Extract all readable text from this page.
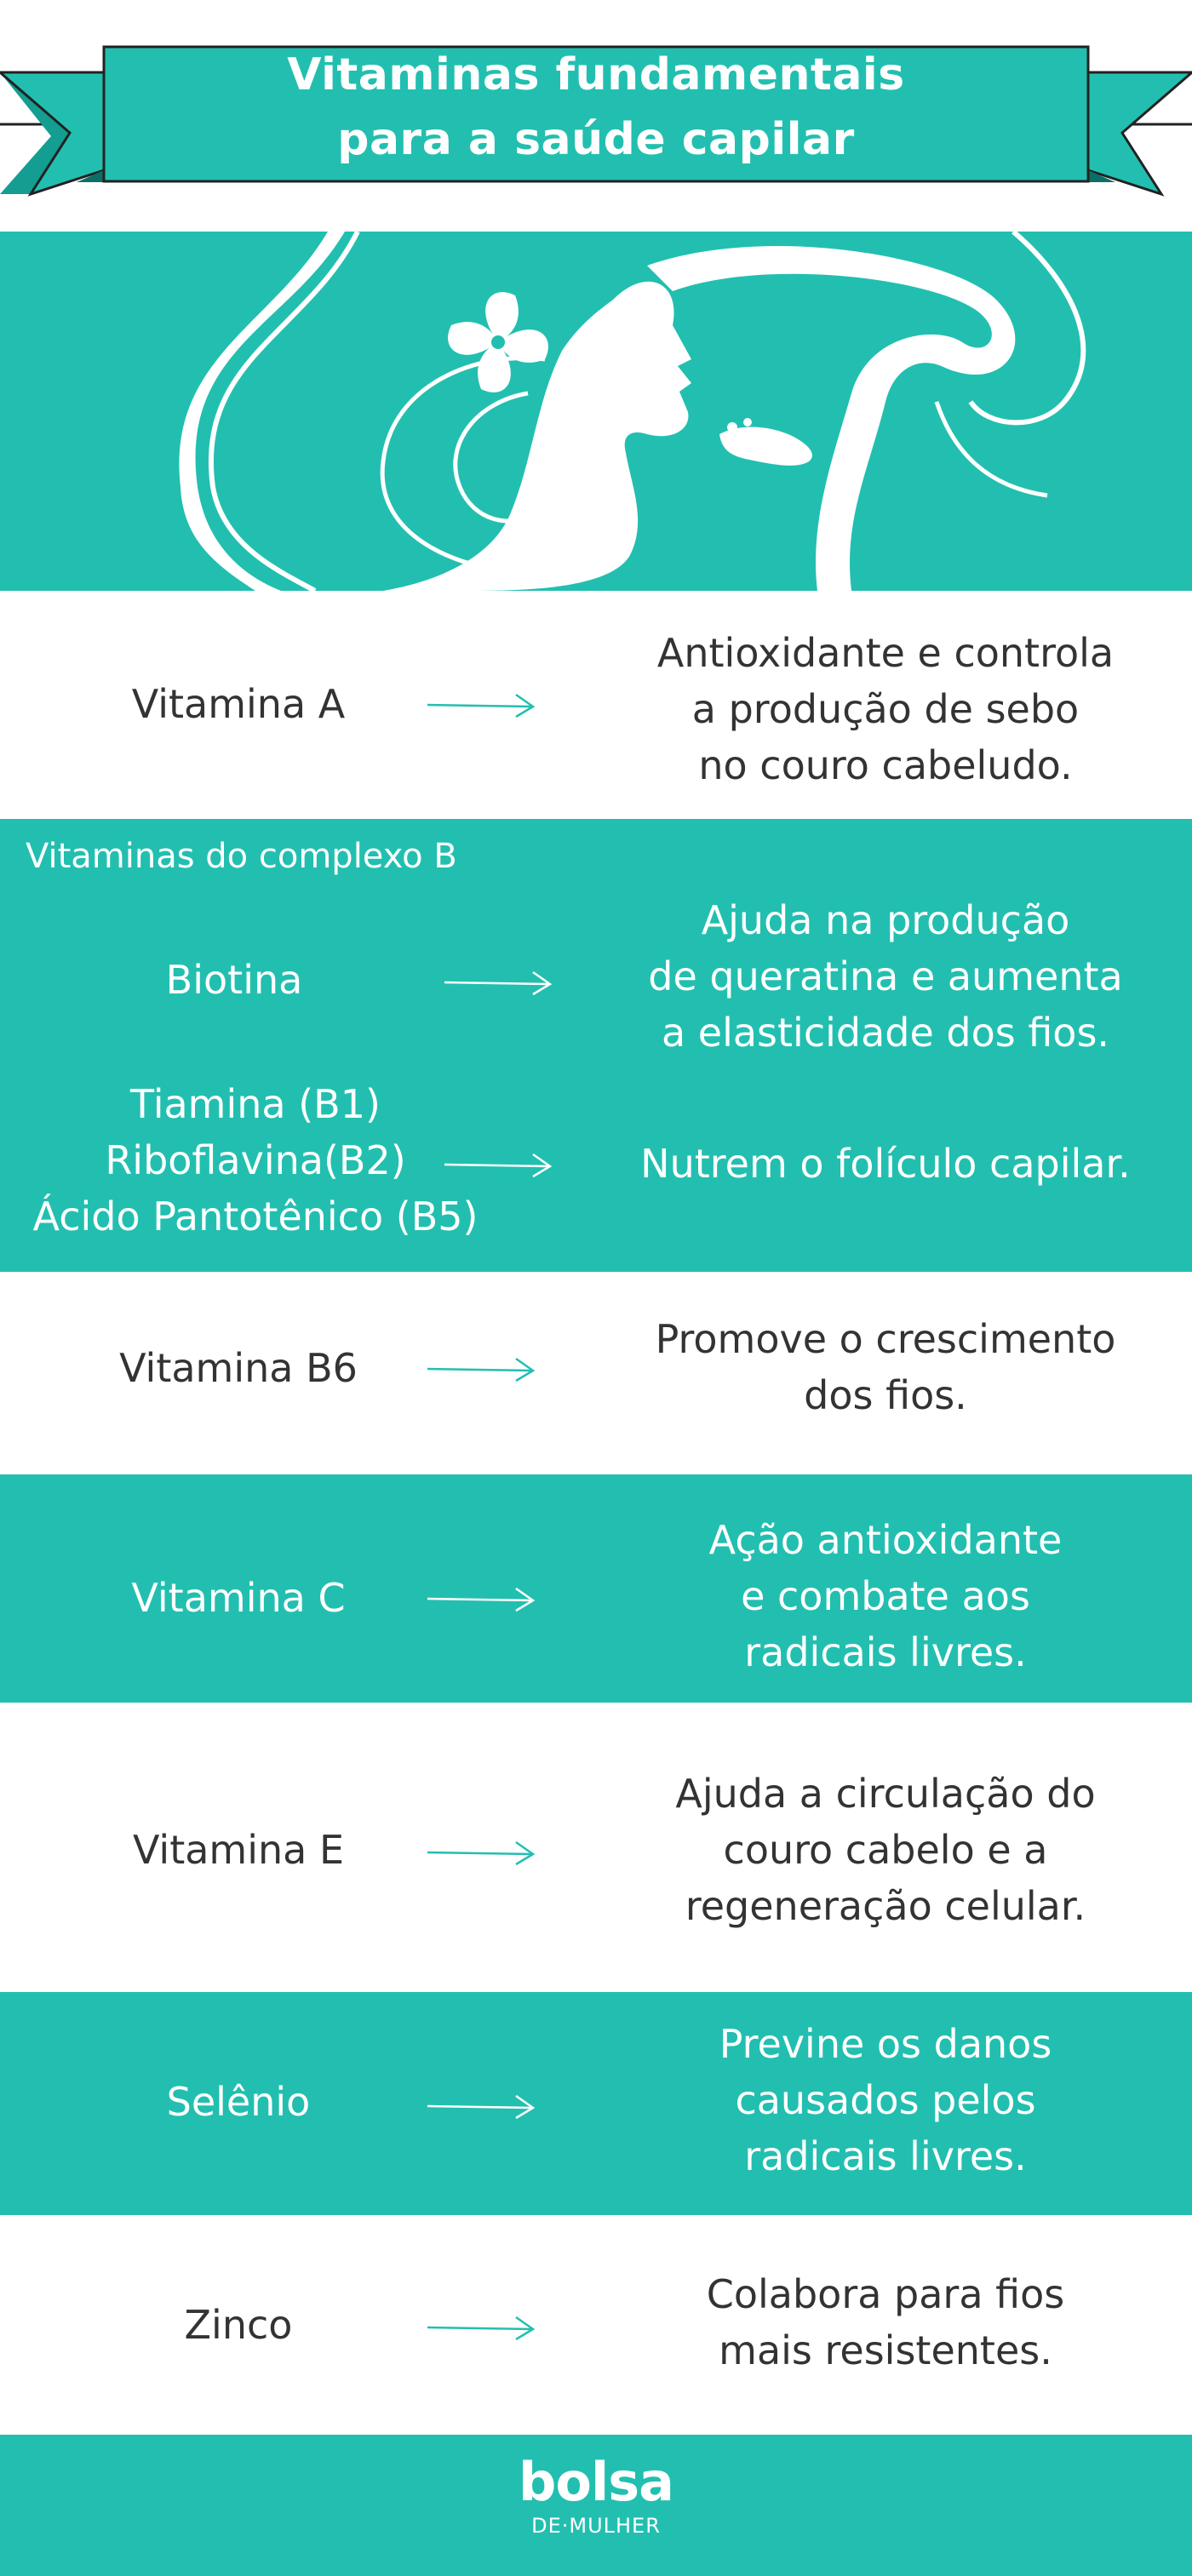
Vitaminas fundamentais
para a saúde capilar
Vitamina A
Antioxidante e controla
a produção de sebo
no couro cabeludo.
Vitaminas do complexo B
Biotina
Ajuda na produção
de queratina e aumenta
a elasticidade dos fios.
Tiamina (B1)
Riboflavina(B2)
Ácido Pantotênico (B5)
Nutrem o folículo capilar.
Vitamina B6
Promove o crescimento
dos fios.
Vitamina C
Ação antioxidante
e combate aos
radicais livres.
Vitamina E
Ajuda a circulação do
couro cabelo e a
regeneração celular.
Selênio
Previne os danos
causados pelos
radicais livres.
Zinco
Colabora para fios
mais resistentes.
bolsa
DE·MULHER
